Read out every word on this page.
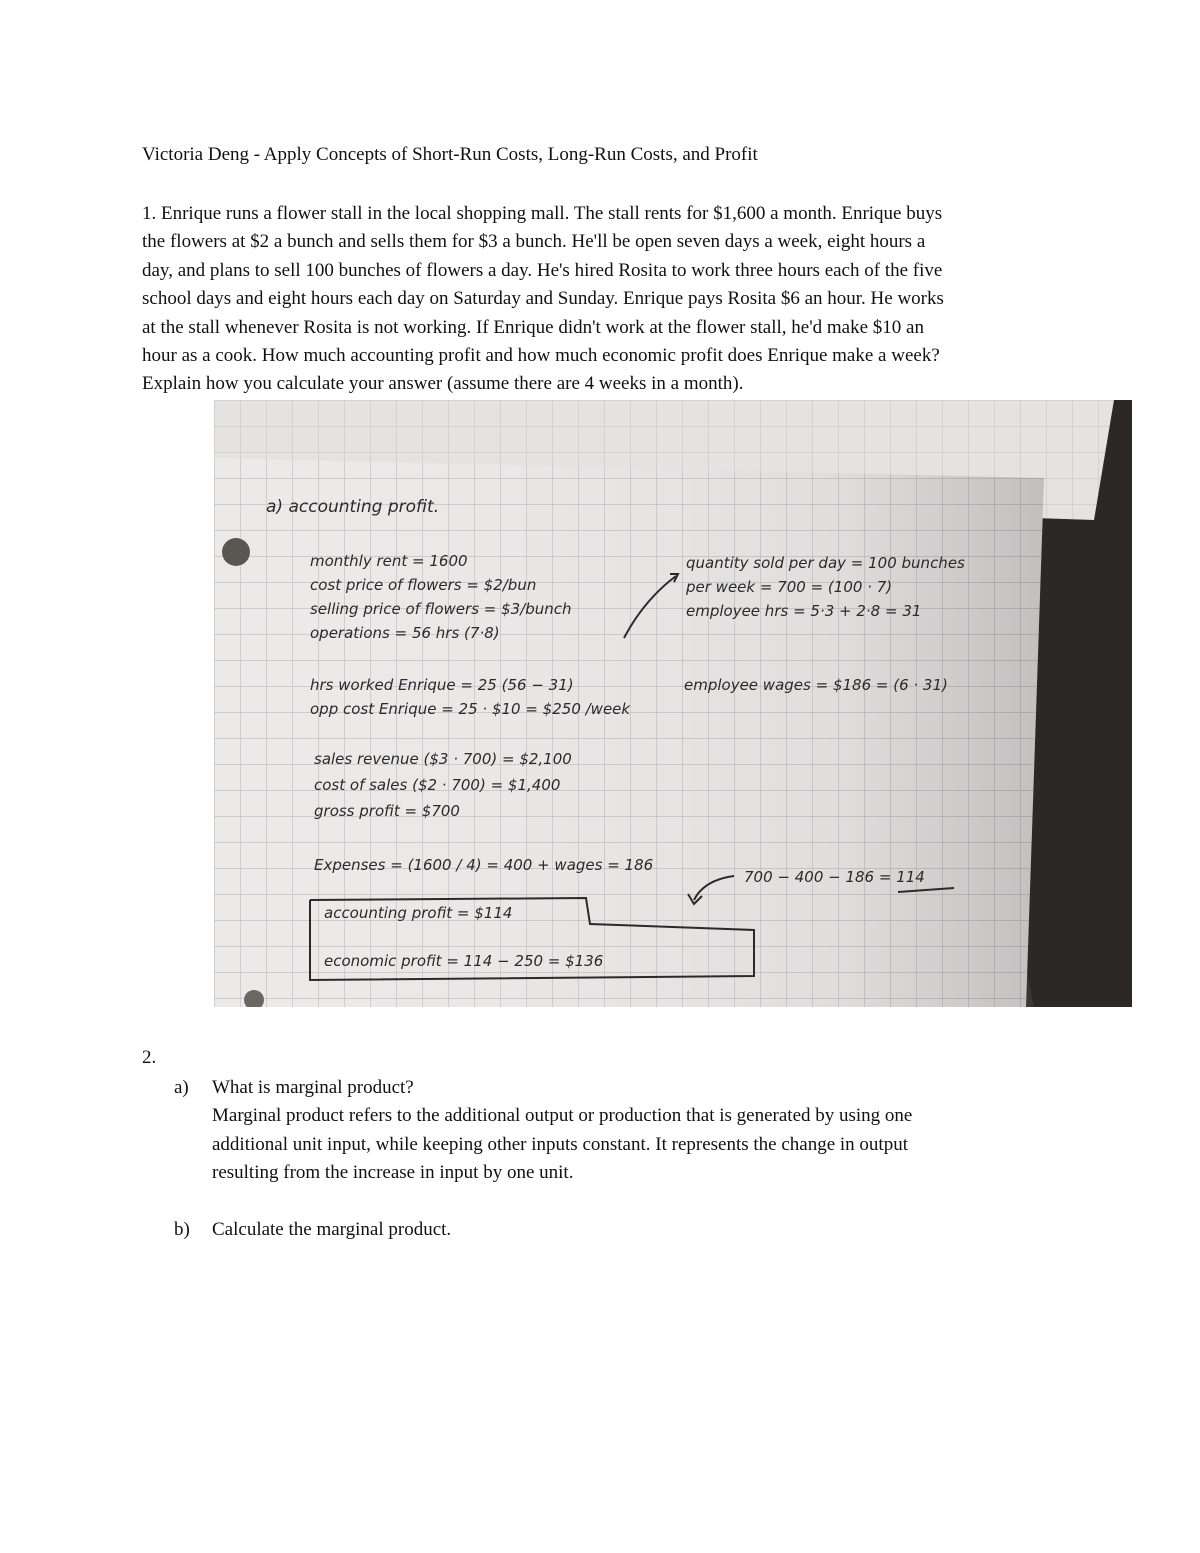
Victoria Deng - Apply Concepts of Short-Run Costs, Long-Run Costs, and Profit
1. Enrique runs a flower stall in the local shopping mall. The stall rents for $1,600 a month. Enrique buys
the flowers at $2 a bunch and sells them for $3 a bunch. He'll be open seven days a week, eight hours a
day, and plans to sell 100 bunches of flowers a day. He's hired Rosita to work three hours each of the five
school days and eight hours each day on Saturday and Sunday. Enrique pays Rosita $6 an hour. He works
at the stall whenever Rosita is not working. If Enrique didn't work at the flower stall, he'd make $10 an
hour as a cook. How much accounting profit and how much economic profit does Enrique make a week?
Explain how you calculate your answer (assume there are 4 weeks in a month).
a) accounting profit.
monthly rent = 1600
cost price of flowers = $2/bun
selling price of flowers = $3/bunch
operations = 56 hrs (7·8)
quantity sold per day = 100 bunches
per week = 700 = (100 · 7)
employee hrs = 5·3 + 2·8 = 31
hrs worked Enrique = 25 (56 − 31)
opp cost Enrique = 25 · $10 = $250 /week
employee wages = $186 = (6 · 31)
sales revenue ($3 · 700) = $2,100
cost of sales ($2 · 700) = $1,400
gross profit = $700
Expenses = (1600 / 4) = 400 + wages = 186
700 − 400 − 186 = 114
accounting profit = $114
economic profit = 114 − 250 = $136
2.
a) What is marginal product?
Marginal product refers to the additional output or production that is generated by using one
additional unit input, while keeping other inputs constant. It represents the change in output
resulting from the increase in input by one unit.
b) Calculate the marginal product.
